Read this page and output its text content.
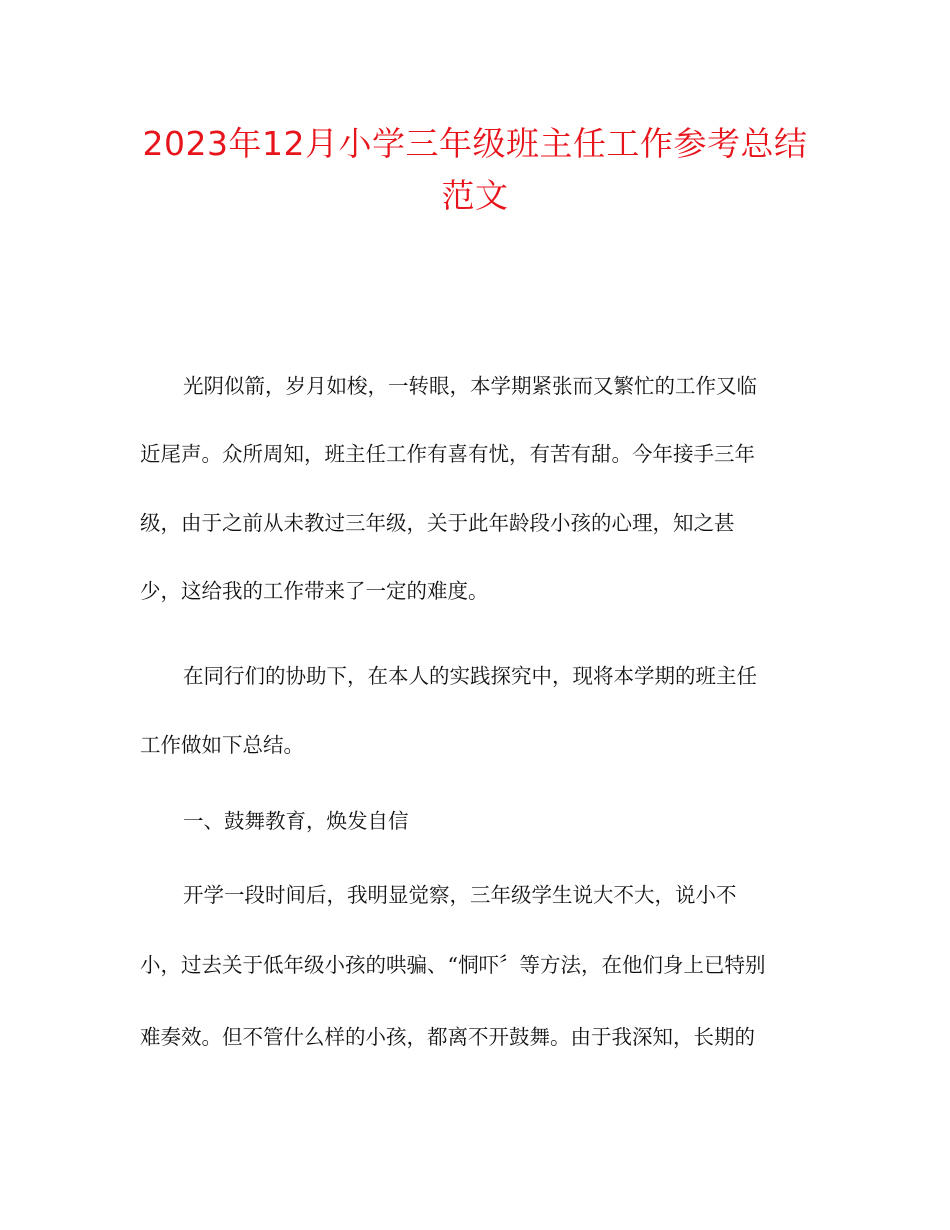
2023年12月小学三年级班主任工作参考总结范文

光阴似箭，岁月如梭，一转眼，本学期紧张而又繁忙的工作又临

近尾声。众所周知，班主任工作有喜有忧，有苦有甜。今年接手三年

级，由于之前从未教过三年级，关于此年龄段小孩的心理，知之甚

少，这给我的工作带来了一定的难度。

在同行们的协助下，在本人的实践探究中，现将本学期的班主任

工作做如下总结。

一、鼓舞教育，焕发自信

开学一段时间后，我明显觉察，三年级学生说大不大，说小不

小，过去关于低年级小孩的哄骗、“恫吓〞等方法，在他们身上已特别

难奏效。但不管什么样的小孩，都离不开鼓舞。由于我深知，长期的
